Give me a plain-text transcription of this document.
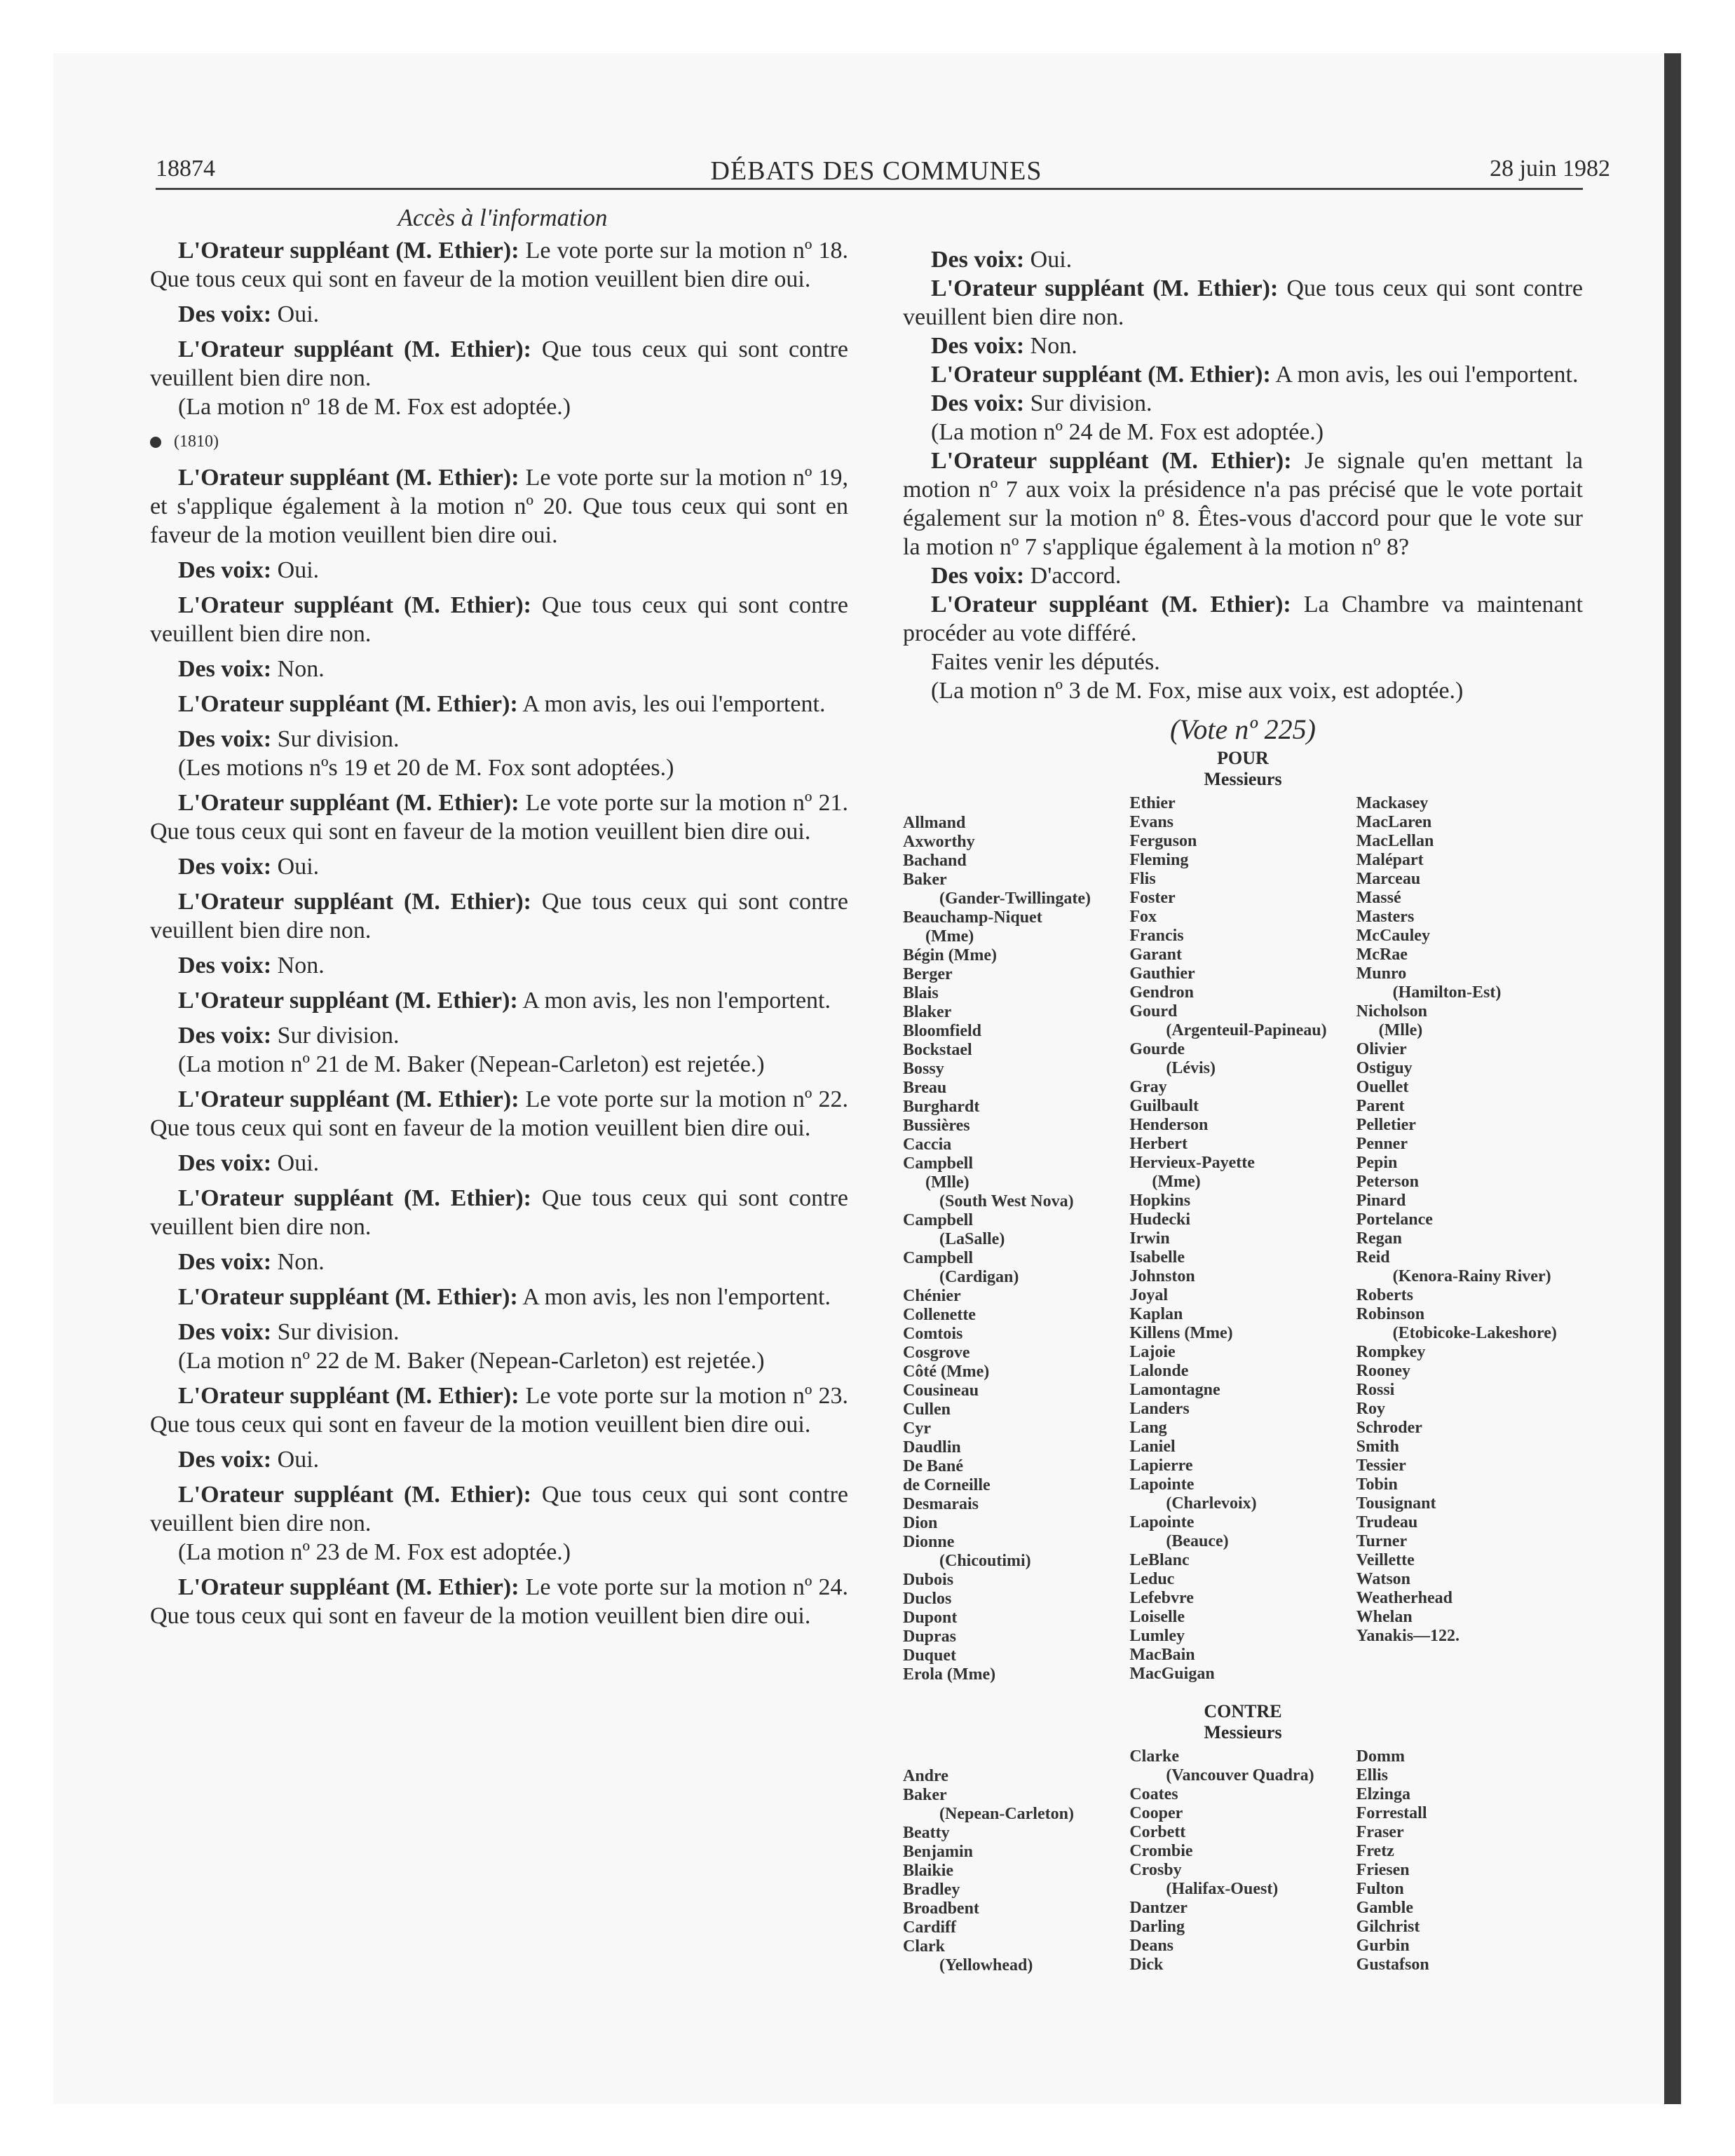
18874	DÉBATS DES COMMUNES	28 juin 1982
Accès à l'information

L'Orateur suppléant (M. Ethier): Le vote porte sur la motion nº 18. Que tous ceux qui sont en faveur de la motion veuillent bien dire oui.

Des voix: Oui.

L'Orateur suppléant (M. Ethier): Que tous ceux qui sont contre veuillent bien dire non.

(La motion nº 18 de M. Fox est adoptée.)

(1810)

L'Orateur suppléant (M. Ethier): Le vote porte sur la motion nº 19, et s'applique également à la motion nº 20. Que tous ceux qui sont en faveur de la motion veuillent bien dire oui.

Des voix: Oui.

L'Orateur suppléant (M. Ethier): Que tous ceux qui sont contre veuillent bien dire non.

Des voix: Non.

L'Orateur suppléant (M. Ethier): A mon avis, les oui l'emportent.

Des voix: Sur division.

(Les motions nºs 19 et 20 de M. Fox sont adoptées.)

L'Orateur suppléant (M. Ethier): Le vote porte sur la motion nº 21. Que tous ceux qui sont en faveur de la motion veuillent bien dire oui.

Des voix: Oui.

L'Orateur suppléant (M. Ethier): Que tous ceux qui sont contre veuillent bien dire non.

Des voix: Non.

L'Orateur suppléant (M. Ethier): A mon avis, les non l'emportent.

Des voix: Sur division.

(La motion nº 21 de M. Baker (Nepean-Carleton) est rejetée.)

L'Orateur suppléant (M. Ethier): Le vote porte sur la motion nº 22. Que tous ceux qui sont en faveur de la motion veuillent bien dire oui.

Des voix: Oui.

L'Orateur suppléant (M. Ethier): Que tous ceux qui sont contre veuillent bien dire non.

Des voix: Non.

L'Orateur suppléant (M. Ethier): A mon avis, les non l'emportent.

Des voix: Sur division.

(La motion nº 22 de M. Baker (Nepean-Carleton) est rejetée.)

L'Orateur suppléant (M. Ethier): Le vote porte sur la motion nº 23. Que tous ceux qui sont en faveur de la motion veuillent bien dire oui.

Des voix: Oui.

L'Orateur suppléant (M. Ethier): Que tous ceux qui sont contre veuillent bien dire non.

(La motion nº 23 de M. Fox est adoptée.)

L'Orateur suppléant (M. Ethier): Le vote porte sur la motion nº 24. Que tous ceux qui sont en faveur de la motion veuillent bien dire oui.

Des voix: Oui.

L'Orateur suppléant (M. Ethier): Que tous ceux qui sont contre veuillent bien dire non.

Des voix: Non.

L'Orateur suppléant (M. Ethier): A mon avis, les oui l'emportent.

Des voix: Sur division.

(La motion nº 24 de M. Fox est adoptée.)

L'Orateur suppléant (M. Ethier): Je signale qu'en mettant la motion nº 7 aux voix la présidence n'a pas précisé que le vote portait également sur la motion nº 8. Êtes-vous d'accord pour que le vote sur la motion nº 7 s'applique également à la motion nº 8?

Des voix: D'accord.

L'Orateur suppléant (M. Ethier): La Chambre va maintenant procéder au vote différé.

Faites venir les députés.

(La motion nº 3 de M. Fox, mise aux voix, est adoptée.)

(Vote nº 225)
POUR
Messieurs
Allmand
Axworthy
Bachand
Baker
(Gander-Twillingate)
Beauchamp-Niquet
(Mme)
Bégin (Mme)
Berger
Blais
Blaker
Bloomfield
Bockstael
Bossy
Breau
Burghardt
Bussières
Caccia
Campbell
(Mlle)
(South West Nova)
Campbell
(LaSalle)
Campbell
(Cardigan)
Chénier
Collenette
Comtois
Cosgrove
Côté (Mme)
Cousineau
Cullen
Cyr
Daudlin
De Bané
de Corneille
Desmarais
Dion
Dionne
(Chicoutimi)
Dubois
Duclos
Dupont
Dupras
Duquet
Erola (Mme)
Ethier
Evans
Ferguson
Fleming
Flis
Foster
Fox
Francis
Garant
Gauthier
Gendron
Gourd
(Argenteuil-Papineau)
Gourde
(Lévis)
Gray
Guilbault
Henderson
Herbert
Hervieux-Payette
(Mme)
Hopkins
Hudecki
Irwin
Isabelle
Johnston
Joyal
Kaplan
Killens (Mme)
Lajoie
Lalonde
Lamontagne
Landers
Lang
Laniel
Lapierre
Lapointe
(Charlevoix)
Lapointe
(Beauce)
LeBlanc
Leduc
Lefebvre
Loiselle
Lumley
MacBain
MacGuigan
Mackasey
MacLaren
MacLellan
Malépart
Marceau
Massé
Masters
McCauley
McRae
Munro
(Hamilton-Est)
Nicholson
(Mlle)
Olivier
Ostiguy
Ouellet
Parent
Pelletier
Penner
Pepin
Peterson
Pinard
Portelance
Regan
Reid
(Kenora-Rainy River)
Roberts
Robinson
(Etobicoke-Lakeshore)
Rompkey
Rooney
Rossi
Roy
Schroder
Smith
Tessier
Tobin
Tousignant
Trudeau
Turner
Veillette
Watson
Weatherhead
Whelan
Yanakis—122.
CONTRE
Messieurs
Andre
Baker
(Nepean-Carleton)
Beatty
Benjamin
Blaikie
Bradley
Broadbent
Cardiff
Clark
(Yellowhead)
Clarke
(Vancouver Quadra)
Coates
Cooper
Corbett
Crombie
Crosby
(Halifax-Ouest)
Dantzer
Darling
Deans
Dick
Domm
Ellis
Elzinga
Forrestall
Fraser
Fretz
Friesen
Fulton
Gamble
Gilchrist
Gurbin
Gustafson
